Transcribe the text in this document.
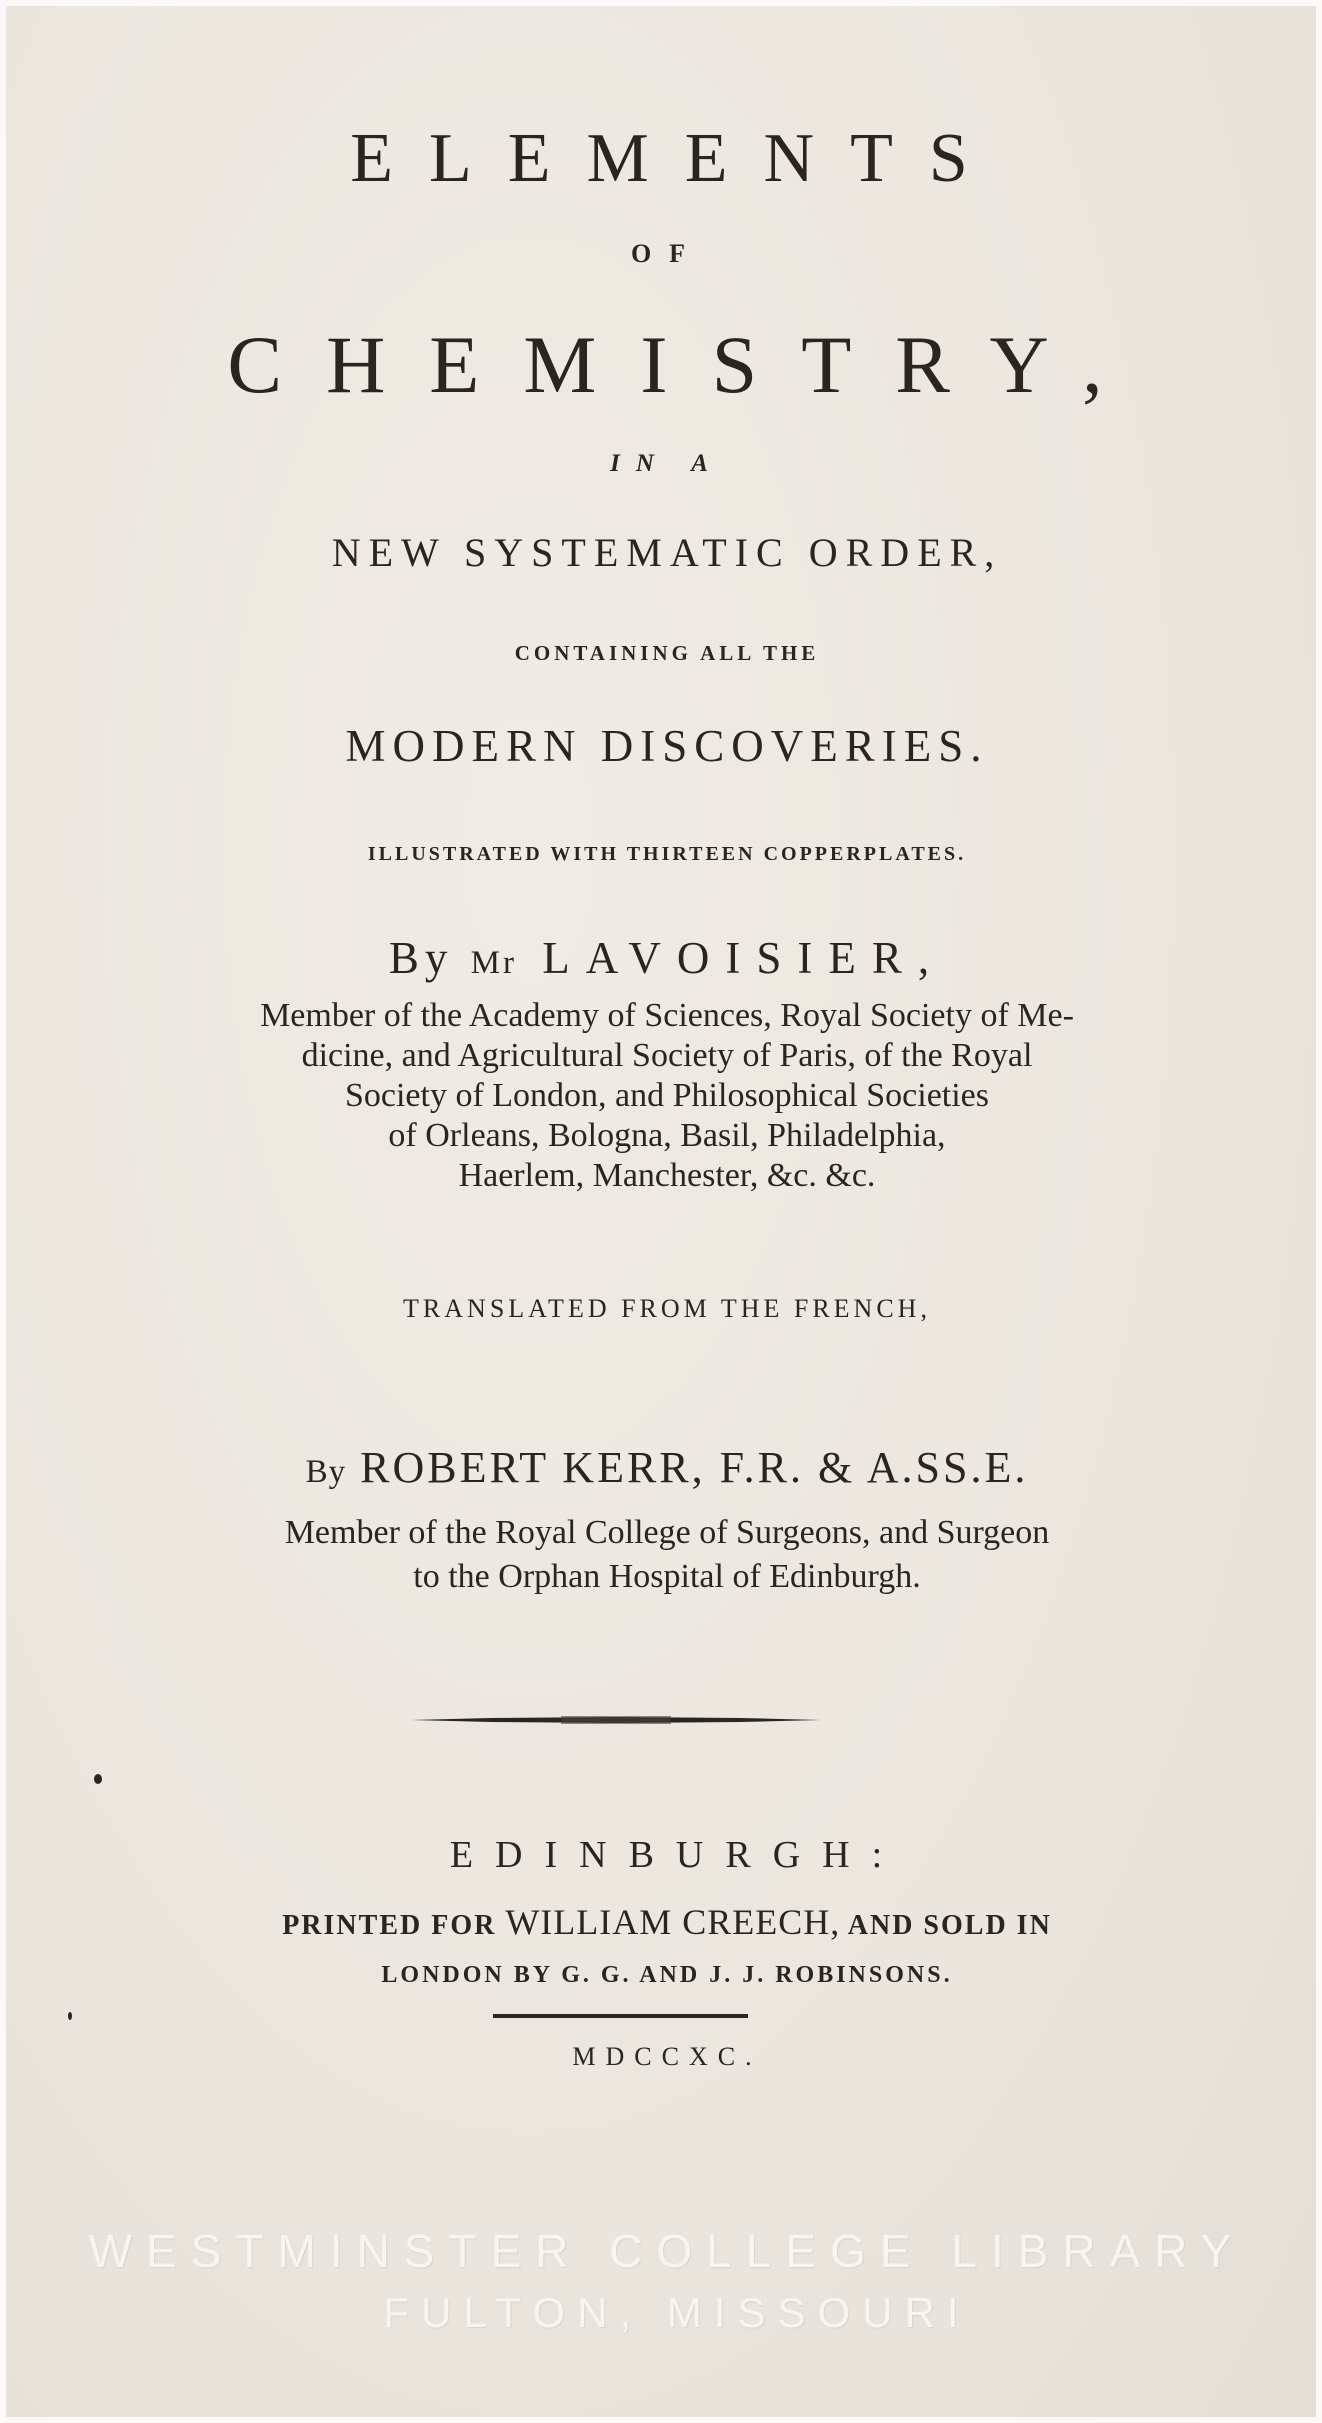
ELEMENTS
OF
CHEMISTRY,
IN A
NEW SYSTEMATIC ORDER,
CONTAINING ALL THE
MODERN DISCOVERIES.
ILLUSTRATED WITH THIRTEEN COPPERPLATES.
By Mr LAVOISIER,
Member of the Academy of Sciences, Royal Society of Me-
dicine, and Agricultural Society of Paris, of the Royal
Society of London, and Philosophical Societies
of Orleans, Bologna, Basil, Philadelphia,
Haerlem, Manchester, &c. &c.
TRANSLATED FROM THE FRENCH,
By ROBERT KERR, F.R. & A.SS.E.
Member of the Royal College of Surgeons, and Surgeon
to the Orphan Hospital of Edinburgh.
EDINBURGH:
PRINTED FOR WILLIAM CREECH, AND SOLD IN
LONDON BY G. G. AND J. J. ROBINSONS.
MDCCXC.
WESTMINSTER COLLEGE LIBRARY
FULTON, MISSOURI
